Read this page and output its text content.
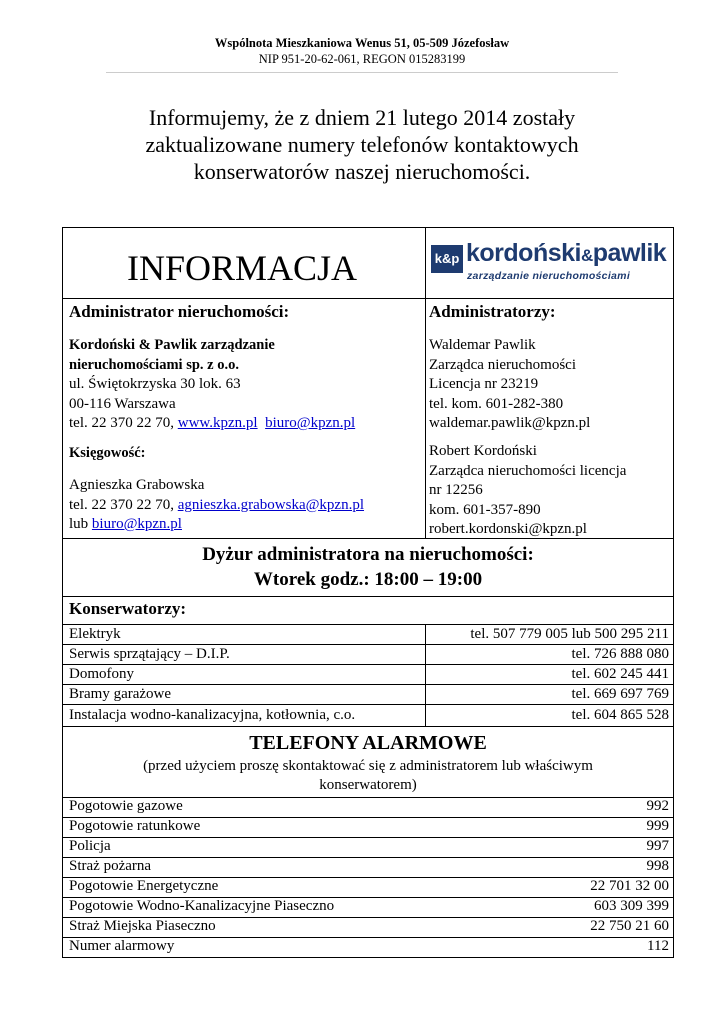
Wspólnota Mieszkaniowa Wenus 51, 05-509 Józefosław
NIP 951-20-62-061, REGON 015283199
Informujemy, że z dniem 21 lutego 2014 zostały
zaktualizowane numery telefonów kontaktowych
konserwatorów naszej nieruchomości.
INFORMACJA	k&p kordoński&pawlik
zarządzanie nieruchomościami
Administrator nieruchomości:
Kordoński & Pawlik zarządzanie
nieruchomościami sp. z o.o.
ul. Świętokrzyska 30 lok. 63
00-116 Warszawa
tel. 22 370 22 70, www.kpzn.pl biuro@kpzn.pl
Księgowość:
Agnieszka Grabowska
tel. 22 370 22 70, agnieszka.grabowska@kpzn.pl
lub biuro@kpzn.pl
Administratorzy:
Waldemar Pawlik
Zarządca nieruchomości
Licencja nr 23219
tel. kom. 601-282-380
waldemar.pawlik@kpzn.pl
Robert Kordoński
Zarządca nieruchomości licencja
nr 12256
kom. 601-357-890
robert.kordonski@kpzn.pl
Dyżur administratora na nieruchomości:
Wtorek godz.: 18:00 – 19:00
Konserwatorzy:
Elektryk	tel. 507 779 005 lub 500 295 211
Serwis sprzątający – D.I.P.	tel. 726 888 080
Domofony	tel. 602 245 441
Bramy garażowe	tel. 669 697 769
Instalacja wodno-kanalizacyjna, kotłownia, c.o.	tel. 604 865 528
TELEFONY ALARMOWE
(przed użyciem proszę skontaktować się z administratorem lub właściwym
konserwatorem)
Pogotowie gazowe	992
Pogotowie ratunkowe	999
Policja	997
Straż pożarna	998
Pogotowie Energetyczne	22 701 32 00
Pogotowie Wodno-Kanalizacyjne Piaseczno	603 309 399
Straż Miejska Piaseczno	22 750 21 60
Numer alarmowy	112
